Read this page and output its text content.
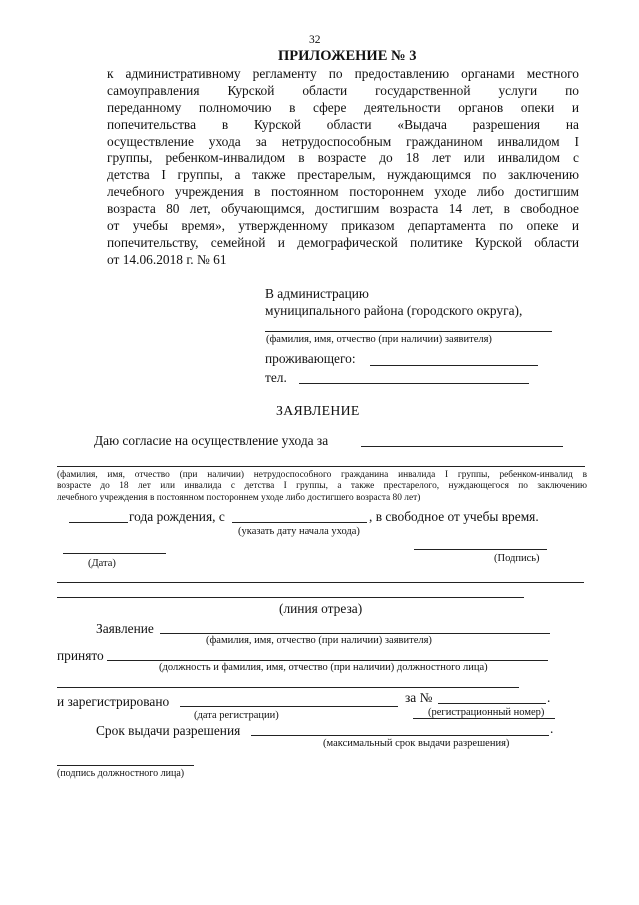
32
ПРИЛОЖЕНИЕ № 3
к административному регламенту по предоставлению органами местного
самоуправления Курской области государственной услуги по
переданному полномочию в сфере деятельности органов опеки и
попечительства в Курской области «Выдача разрешения на
осуществление ухода за нетрудоспособным гражданином инвалидом I
группы, ребенком-инвалидом в возрасте до 18 лет или инвалидом с
детства I группы, а также престарелым, нуждающимся по заключению
лечебного учреждения в постоянном постороннем уходе либо достигшим
возраста 80 лет, обучающимся, достигшим возраста 14 лет, в свободное
от учебы время», утвержденному приказом департамента по опеке и
попечительству, семейной и демографической политике Курской области
от 14.06.2018 г. № 61
В администрацию
муниципального района (городского округа),
(фамилия, имя, отчество (при наличии) заявителя)
проживающего:
тел.
ЗАЯВЛЕНИЕ
Даю согласие на осуществление ухода за
(фамилия, имя, отчество (при наличии) нетрудоспособного гражданина инвалида I группы, ребенком-инвалид в
возрасте до 18 лет или инвалида с детства I группы, а также престарелого, нуждающегося по заключению
лечебного учреждения в постоянном постороннем уходе либо достигшего возраста 80 лет)
года рождения, с	, в свободное от учебы время.
(указать дату начала ухода)
(Подпись)
(Дата)
(линия отреза)
Заявление
(фамилия, имя, отчество (при наличии) заявителя)
принято
(должность и фамилия, имя, отчество (при наличии) должностного лица)
и зарегистрировано	за №	.
(дата регистрации)	(регистрационный номер)
Срок выдачи разрешения	.
(максимальный срок выдачи разрешения)
(подпись должностного лица)
